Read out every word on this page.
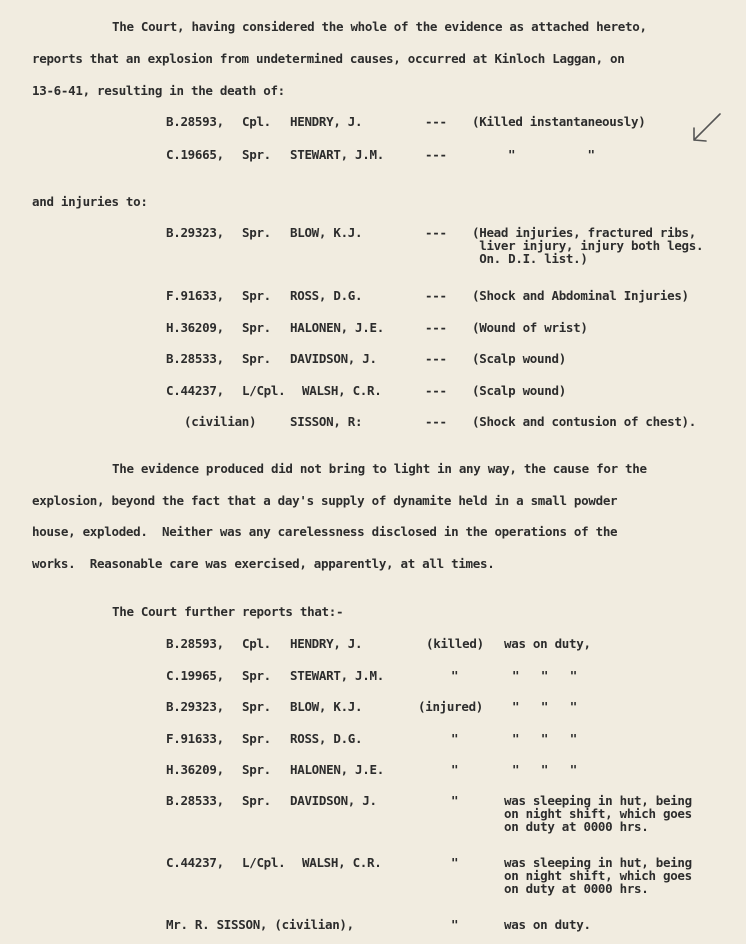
The Court, having considered the whole of the evidence as attached hereto,
reports that an explosion from undetermined causes, occurred at Kinloch Laggan, on
13-6-41, resulting in the death of:
B.28593, Cpl. HENDRY, J.	--- (Killed instantaneously)
C.19665, Spr. STEWART, J.M.	---	"          "
and injuries to:
B.29323, Spr. BLOW, K.J.	--- (Head injuries, fractured ribs,
liver injury, injury both legs.
On. D.I. list.)
F.91633, Spr. ROSS, D.G.	--- (Shock and Abdominal Injuries)
H.36209, Spr. HALONEN, J.E.	--- (Wound of wrist)
B.28533, Spr. DAVIDSON, J.	--- (Scalp wound)
C.44237, L/Cpl. WALSH, C.R.	--- (Scalp wound)
(civilian)	SISSON, R:	--- (Shock and contusion of chest).
The evidence produced did not bring to light in any way, the cause for the
explosion, beyond the fact that a day's supply of dynamite held in a small powder
house, exploded.  Neither was any carelessness disclosed in the operations of the
works.  Reasonable care was exercised, apparently, at all times.
The Court further reports that:-
B.28593, Cpl. HENDRY, J.	(killed) was on duty,
C.19965, Spr. STEWART, J.M.	"	"   "   "
B.29323, Spr. BLOW, K.J.	(injured) "   "   "
F.91633, Spr. ROSS, D.G.	"	"   "   "
H.36209, Spr. HALONEN, J.E.	"	"   "   "
B.28533, Spr. DAVIDSON, J.	"	was sleeping in hut, being
on night shift, which goes
on duty at 0000 hrs.
C.44237, L/Cpl. WALSH, C.R.	"	was sleeping in hut, being
on night shift, which goes
on duty at 0000 hrs.
Mr. R. SISSON, (civilian),	"	was on duty.
